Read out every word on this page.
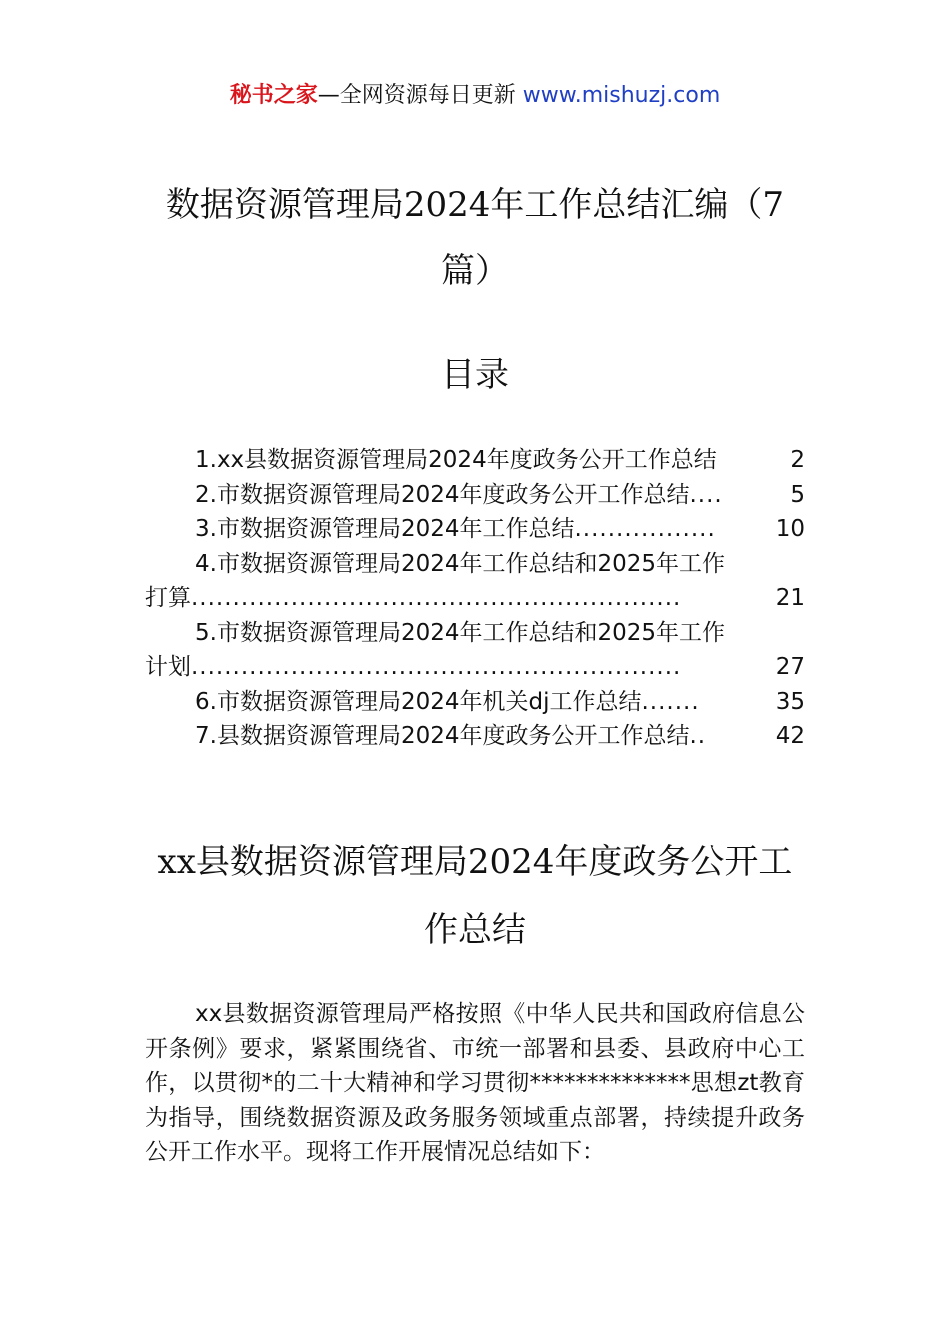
秘书之家—全网资源每日更新 www.mishuzj.com
数据资源管理局2024年工作总结汇编（7篇）
目录
1.xx县数据资源管理局2024年度政务公开工作总结	2
2.市数据资源管理局2024年度政务公开工作总结 ....	5
3.市数据资源管理局2024年工作总结 .................	10
4.市数据资源管理局2024年工作总结和2025年工作
打算 ...........................................................	21
5.市数据资源管理局2024年工作总结和2025年工作
计划 ...........................................................	27
6.市数据资源管理局2024年机关dj工作总结 .......	35
7.县数据资源管理局2024年度政务公开工作总结 ..	42
xx县数据资源管理局2024年度政务公开工作总结
xx县数据资源管理局严格按照《中华人民共和国政府信息公开条例》要求，紧紧围绕省、市统一部署和县委、县政府中心工作，以贯彻*的二十大精神和学习贯彻**************思想zt教育为指导，围绕数据资源及政务服务领域重点部署，持续提升政务公开工作水平。现将工作开展情况总结如下：
